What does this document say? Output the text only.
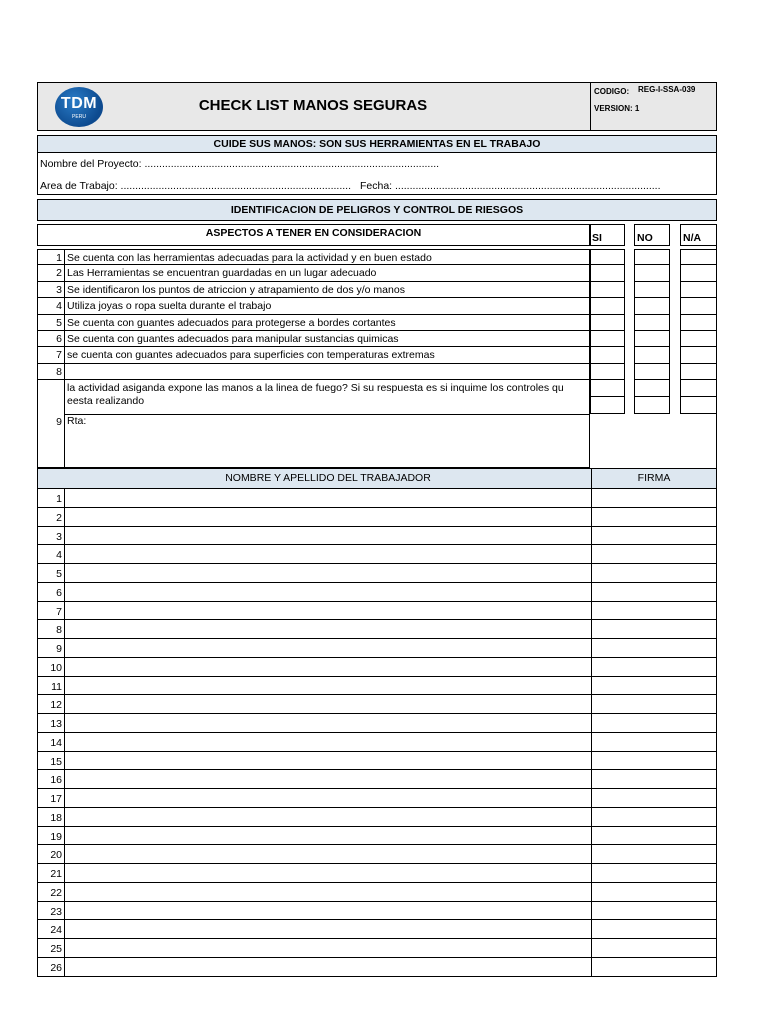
TDM
PERU
CHECK LIST MANOS SEGURAS
CODIGO: REG-I-SSA-039
VERSION: 1
CUIDE SUS MANOS: SON SUS HERRAMIENTAS EN EL TRABAJO
Nombre del Proyecto: .....................................................................................................
Area de Trabajo: ............................................................................... Fecha: ...........................................................................................
IDENTIFICACION DE PELIGROS Y CONTROL DE RIESGOS
ASPECTOS A TENER EN CONSIDERACION	SI	NO	N/A
1 Se cuenta con las herramientas adecuadas para la actividad y en buen estado
2 Las Herramientas se encuentran guardadas en un lugar adecuado
3 Se identificaron los puntos de atriccion y atrapamiento de dos y/o manos
4 Utiliza joyas o ropa suelta durante el trabajo
5 Se cuenta con guantes adecuados para protegerse a bordes cortantes
6 Se cuenta con guantes adecuados para manipular sustancias quimicas
7 se cuenta con guantes adecuados para superficies con temperaturas extremas
8
9
la actividad asiganda expone las manos a la linea de fuego? Si su respuesta es si inquime los controles qu eesta realizando
Rta:
NOMBRE Y APELLIDO DEL TRABAJADOR	FIRMA
1
2
3
4
5
6
7
8
9
10
11
12
13
14
15
16
17
18
19
20
21
22
23
24
25
26
